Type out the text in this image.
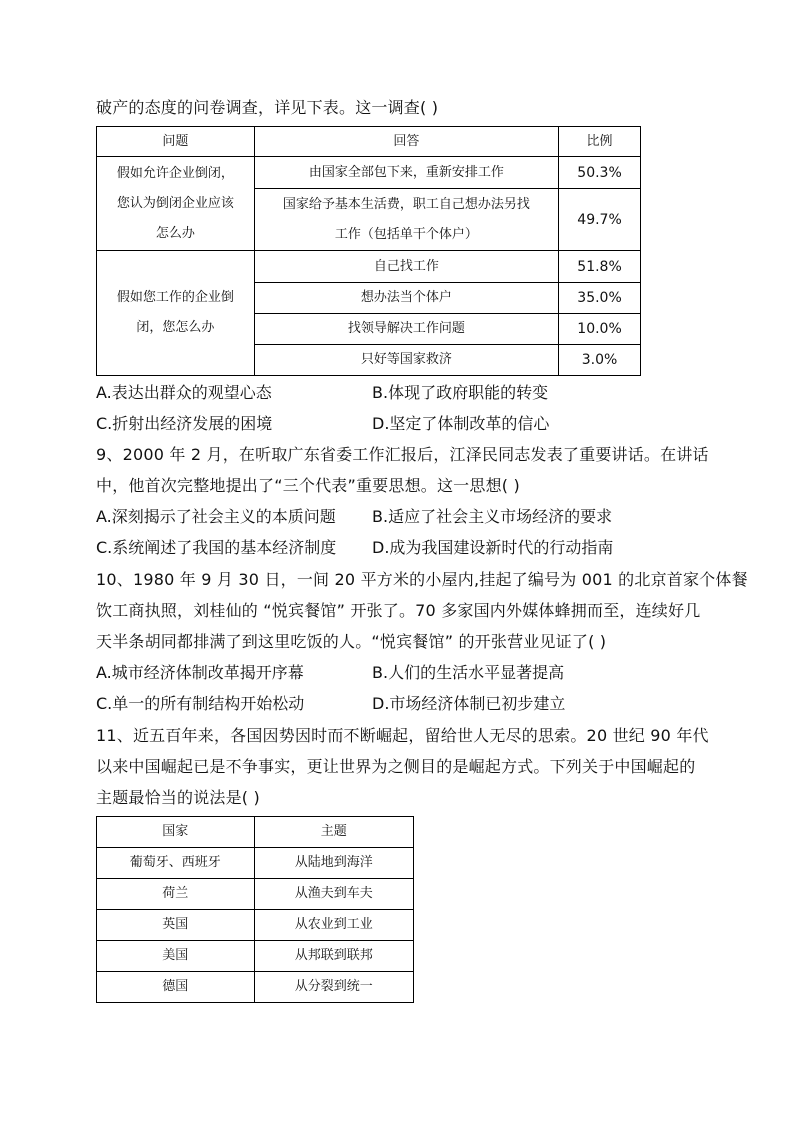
破产的态度的问卷调查，详见下表。这一调查( )
问题	回答	比例

假如允许企业倒闭，
您认为倒闭企业应该
怎么办	由国家全部包下来，重新安排工作	50.3%

	国家给予基本生活费，职工自己想办法另找
工作（包括单干个体户）	49.7%

假如您工作的企业倒
闭，您怎么办	自己找工作	51.8%
	想办法当个体户	35.0%
	找领导解决工作问题	10.0%
	只好等国家救济	3.0%
A.表达出群众的观望心态	B.体现了政府职能的转变
C.折射出经济发展的困境	D.坚定了体制改革的信心
9、2000 年 2 月，在听取广东省委工作汇报后，江泽民同志发表了重要讲话。在讲话
中，他首次完整地提出了“三个代表”重要思想。这一思想( )
A.深刻揭示了社会主义的本质问题 B.适应了社会主义市场经济的要求
C.系统阐述了我国的基本经济制度 D.成为我国建设新时代的行动指南
10、1980 年 9 月 30 日，一间 20 平方米的小屋内,挂起了编号为 001 的北京首家个体餐
饮工商执照，刘桂仙的 “悦宾餐馆” 开张了。70 多家国内外媒体蜂拥而至，连续好几
天半条胡同都排满了到这里吃饭的人。“悦宾餐馆” 的开张营业见证了( )
A.城市经济体制改革揭开序幕	B.人们的生活水平显著提高
C.单一的所有制结构开始松动	D.市场经济体制已初步建立
11、近五百年来，各国因势因时而不断崛起，留给世人无尽的思索。20 世纪 90 年代
以来中国崛起已是不争事实，更让世界为之侧目的是崛起方式。下列关于中国崛起的
主题最恰当的说法是( )
国家	主题
葡萄牙、西班牙	从陆地到海洋
荷兰	从渔夫到车夫
英国	从农业到工业
美国	从邦联到联邦
德国	从分裂到统一
